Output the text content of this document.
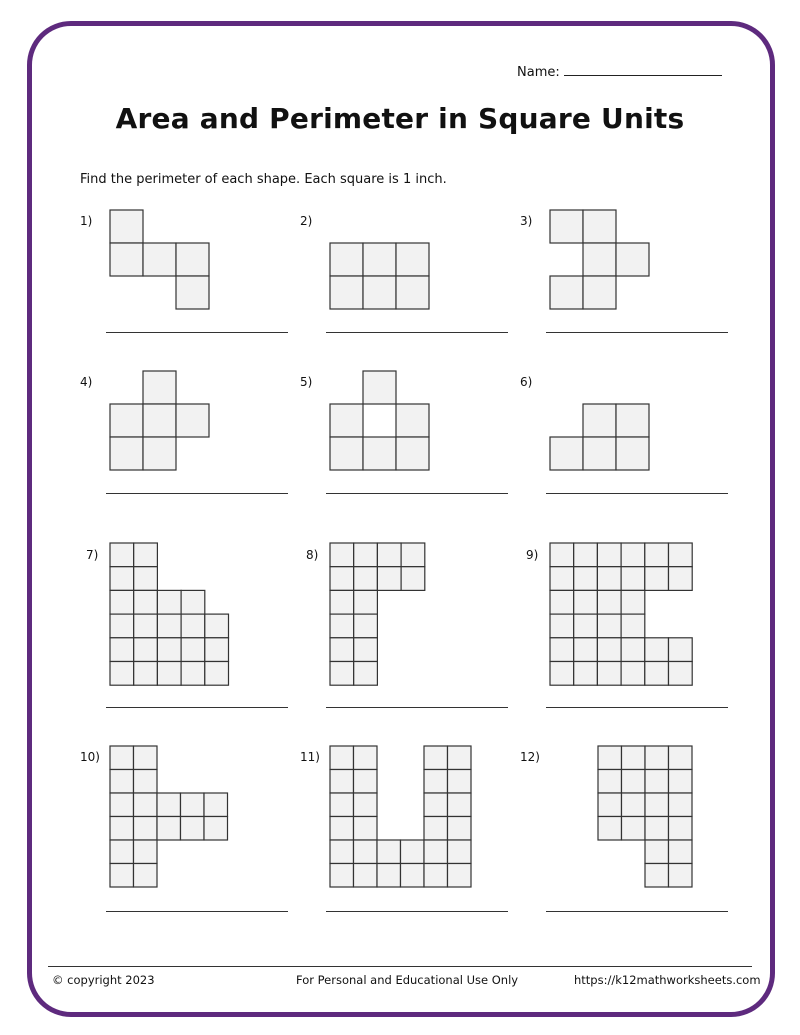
Name:
Area and Perimeter in Square Units
Find the perimeter of each shape. Each square is 1 inch.
1)	2)	3)
4)	5)	6)
7)	8)	9)
10)	11)	12)
© copyright 2023	For Personal and Educational Use Only	https://k12mathworksheets.com
